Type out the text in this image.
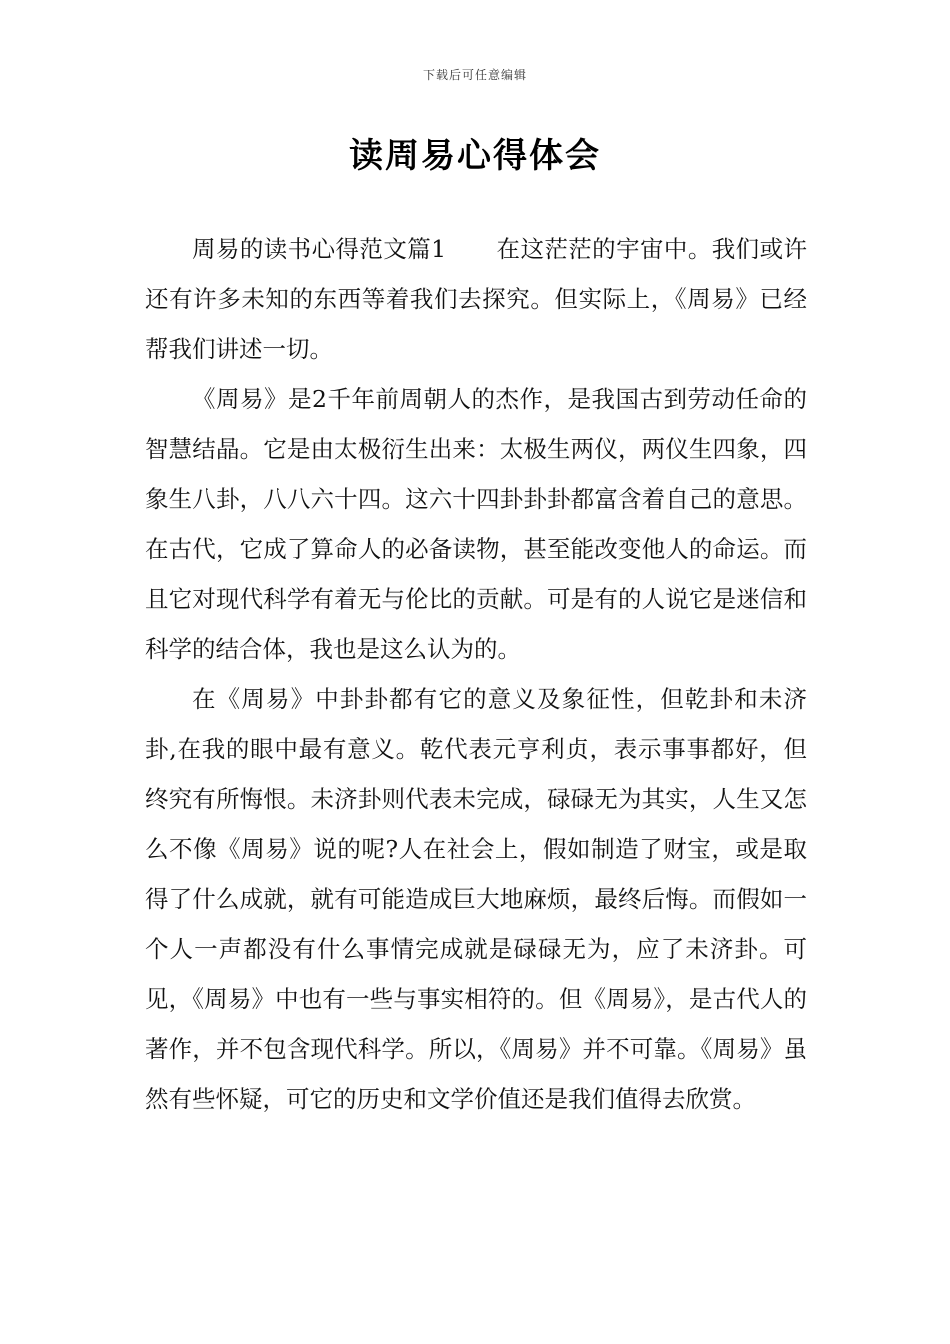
下载后可任意编辑
读周易心得体会

周易的读书心得范文篇1 在这茫茫的宇宙中。我们或许还有许多未知的东西等着我们去探究。但实际上，《周易》已经帮我们讲述一切。

《周易》是2千年前周朝人的杰作，是我国古到劳动任命的智慧结晶。它是由太极衍生出来：太极生两仪，两仪生四象，四象生八卦，八八六十四。这六十四卦卦卦都富含着自己的意思。在古代，它成了算命人的必备读物，甚至能改变他人的命运。而且它对现代科学有着无与伦比的贡献。可是有的人说它是迷信和科学的结合体，我也是这么认为的。

在《周易》中卦卦都有它的意义及象征性，但乾卦和未济卦,在我的眼中最有意义。乾代表元亨利贞，表示事事都好，但终究有所悔恨。未济卦则代表未完成，碌碌无为其实，人生又怎么不像《周易》说的呢?人在社会上，假如制造了财宝，或是取得了什么成就，就有可能造成巨大地麻烦，最终后悔。而假如一个人一声都没有什么事情完成就是碌碌无为，应了未济卦。可见，《周易》中也有一些与事实相符的。但《周易》，是古代人的著作，并不包含现代科学。所以，《周易》并不可靠。《周易》虽然有些怀疑，可它的历史和文学价值还是我们值得去欣赏。
